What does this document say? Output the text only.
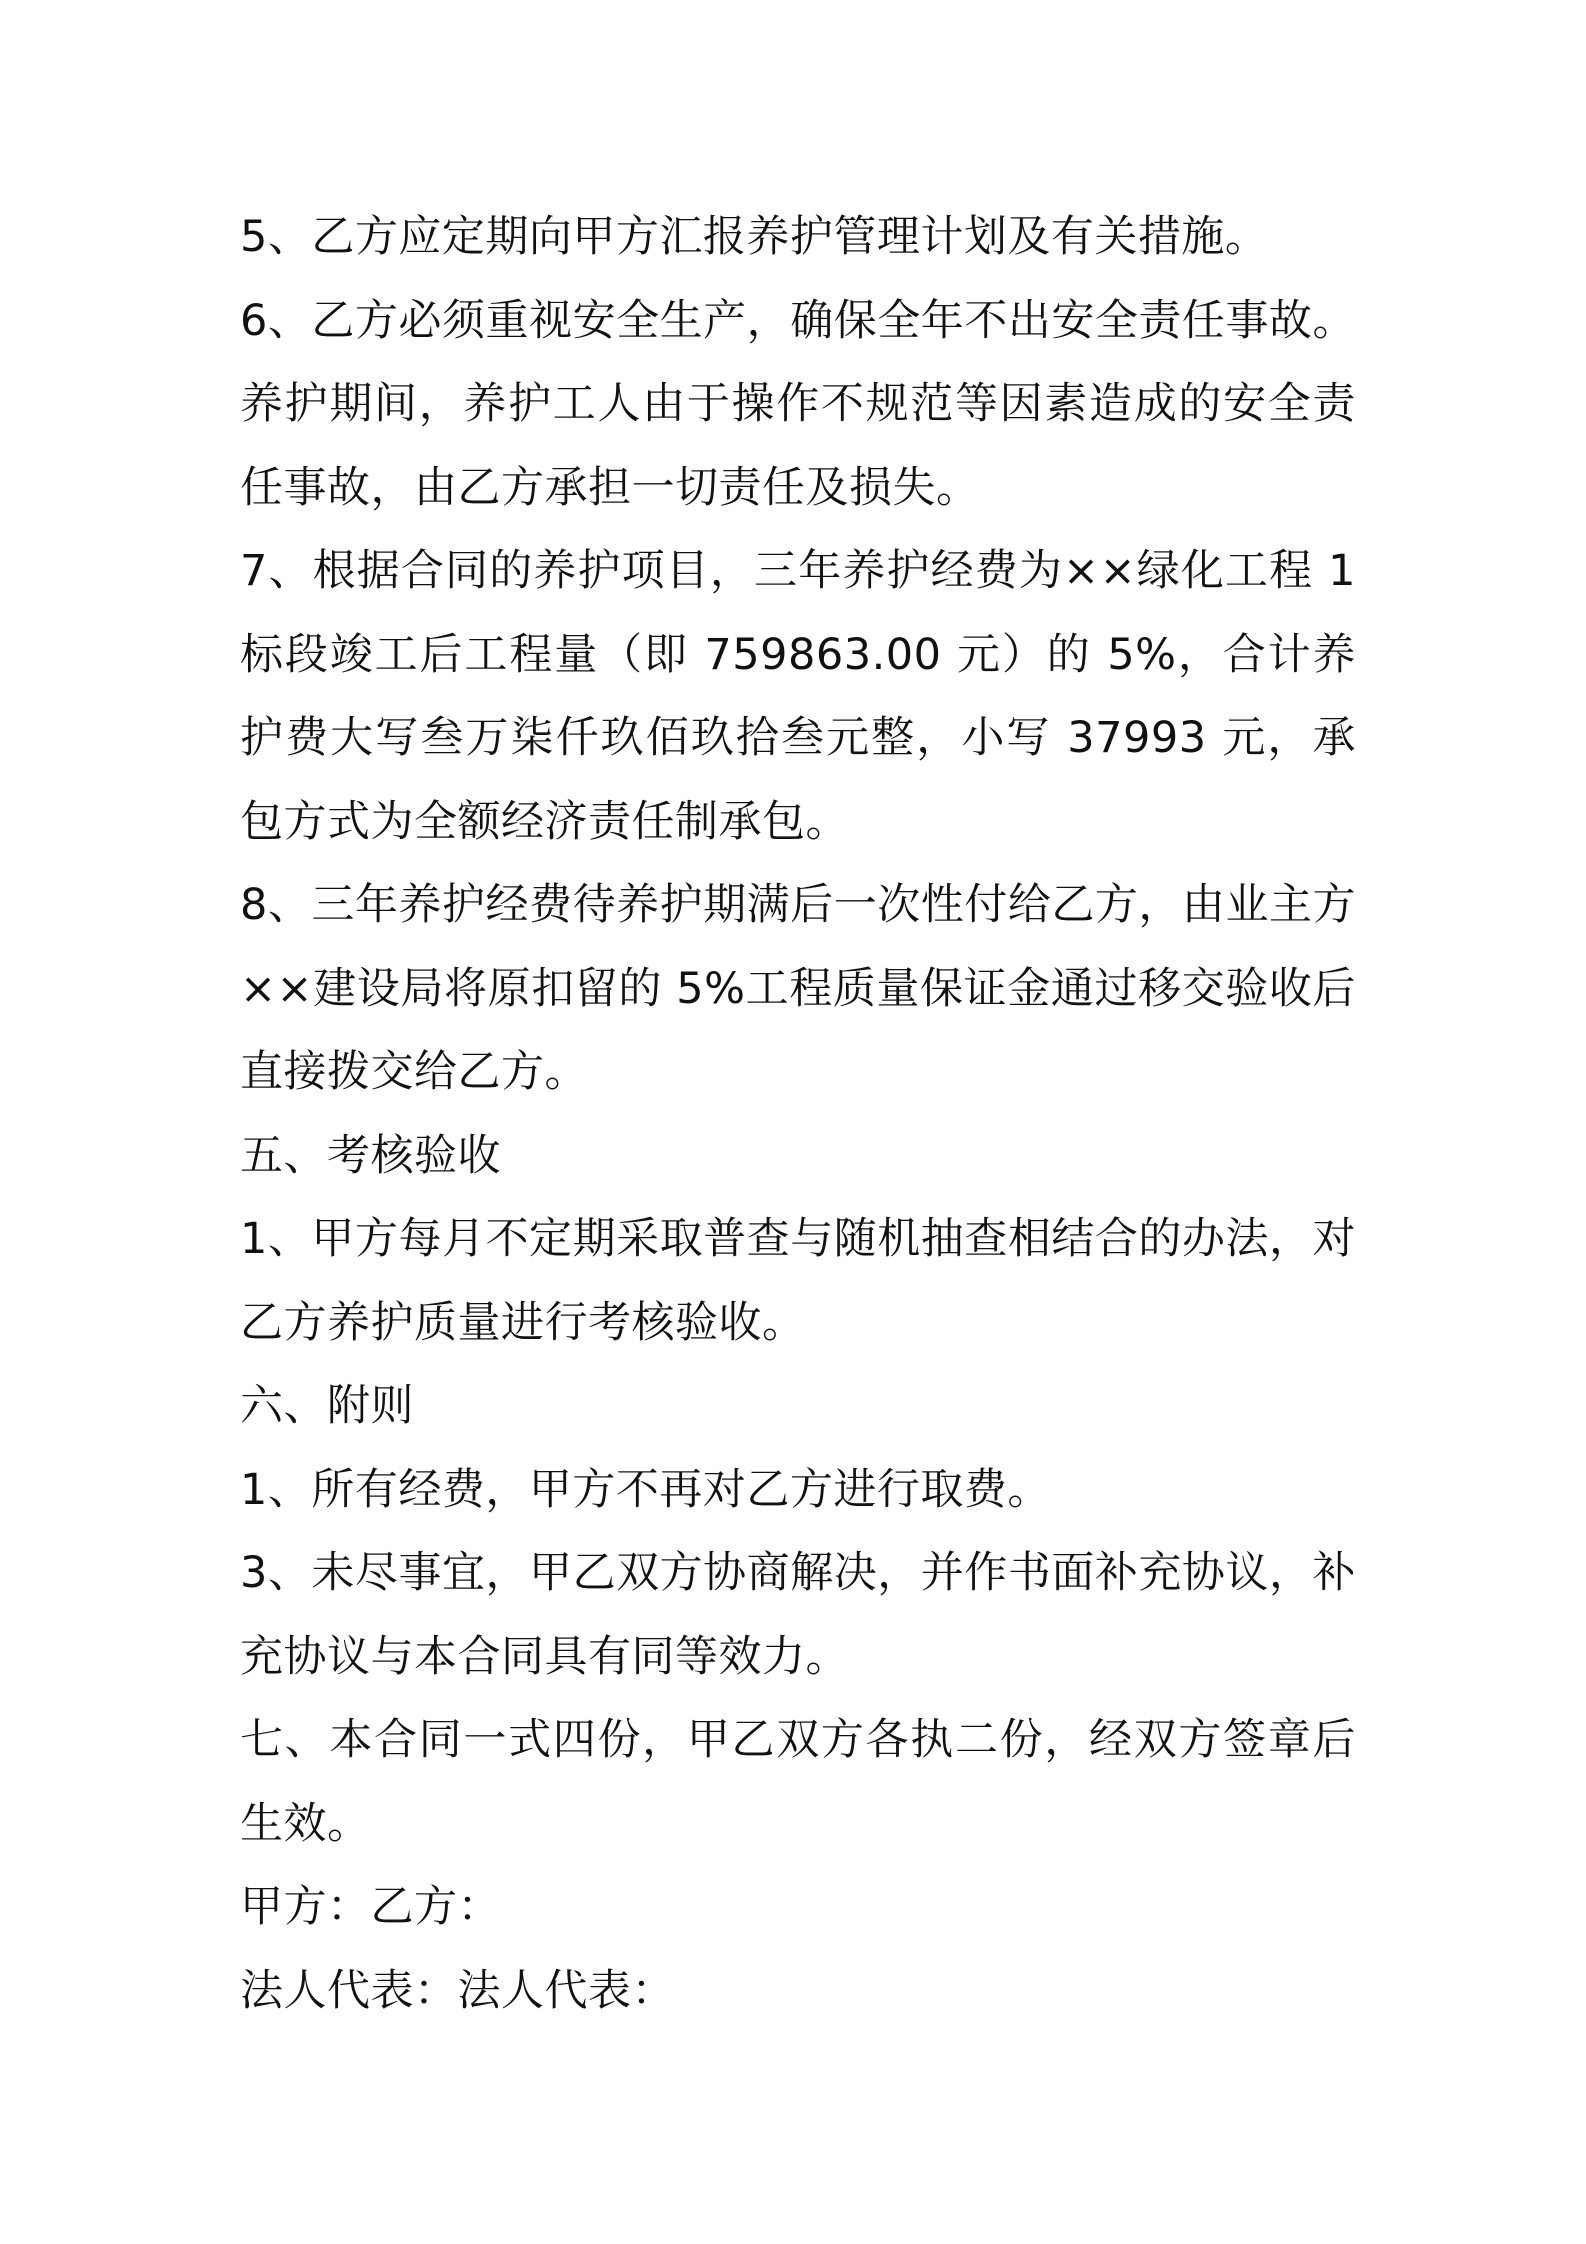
5、乙方应定期向甲方汇报养护管理计划及有关措施。

6、乙方必须重视安全生产，确保全年不出安全责任事故。养护期间，养护工人由于操作不规范等因素造成的安全责任事故，由乙方承担一切责任及损失。

7、根据合同的养护项目，三年养护经费为××绿化工程 1 标段竣工后工程量（即 759863.00 元）的 5%，合计养护费大写叁万柒仟玖佰玖拾叁元整，小写 37993 元，承包方式为全额经济责任制承包。

8、三年养护经费待养护期满后一次性付给乙方，由业主方××建设局将原扣留的 5%工程质量保证金通过移交验收后直接拨交给乙方。

五、考核验收

1、甲方每月不定期采取普查与随机抽查相结合的办法，对乙方养护质量进行考核验收。

六、附则

1、所有经费，甲方不再对乙方进行取费。

3、未尽事宜，甲乙双方协商解决，并作书面补充协议，补充协议与本合同具有同等效力。

七、本合同一式四份，甲乙双方各执二份，经双方签章后生效。

甲方：乙方：

法人代表：法人代表：
